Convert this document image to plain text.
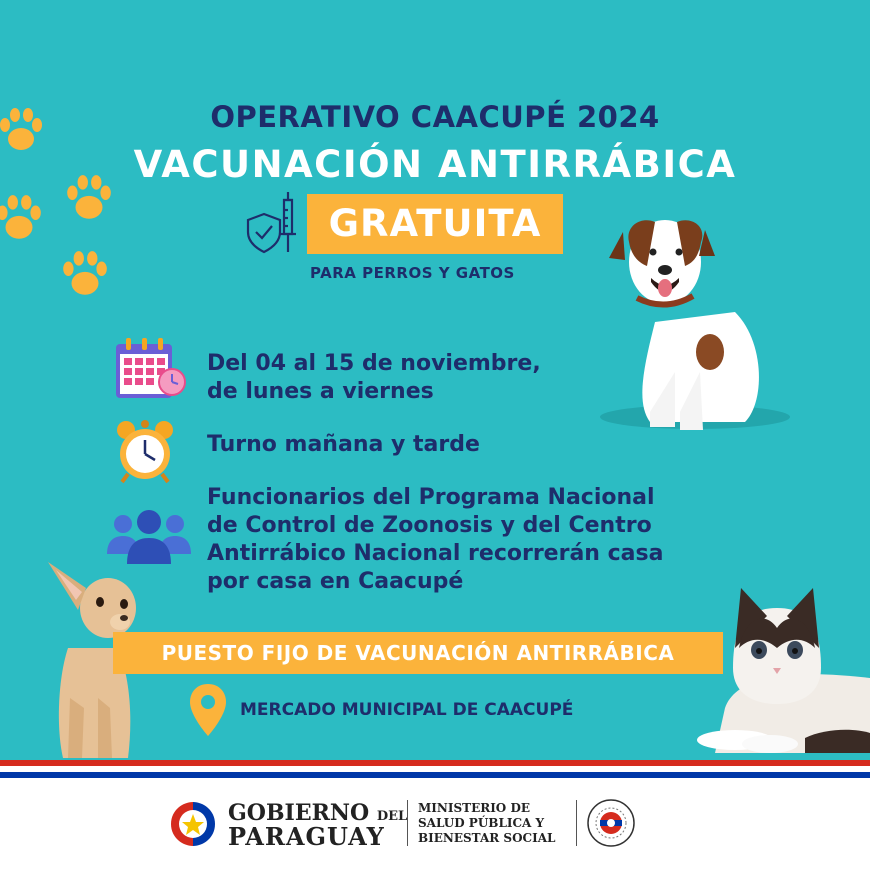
OPERATIVO CAACUPÉ 2024
VACUNACIÓN ANTIRRÁBICA
GRATUITA
PARA PERROS Y GATOS
Del 04 al 15 de noviembre,
de lunes a viernes
Turno mañana y tarde
Funcionarios del Programa Nacional
de Control de Zoonosis y del Centro
Antirrábico Nacional recorrerán casa
por casa en Caacupé
PUESTO FIJO DE VACUNACIÓN ANTIRRÁBICA
MERCADO MUNICIPAL DE CAACUPÉ
GOBIERNO DEL
PARAGUAY
MINISTERIO DE
SALUD PÚBLICA Y
BIENESTAR SOCIAL
